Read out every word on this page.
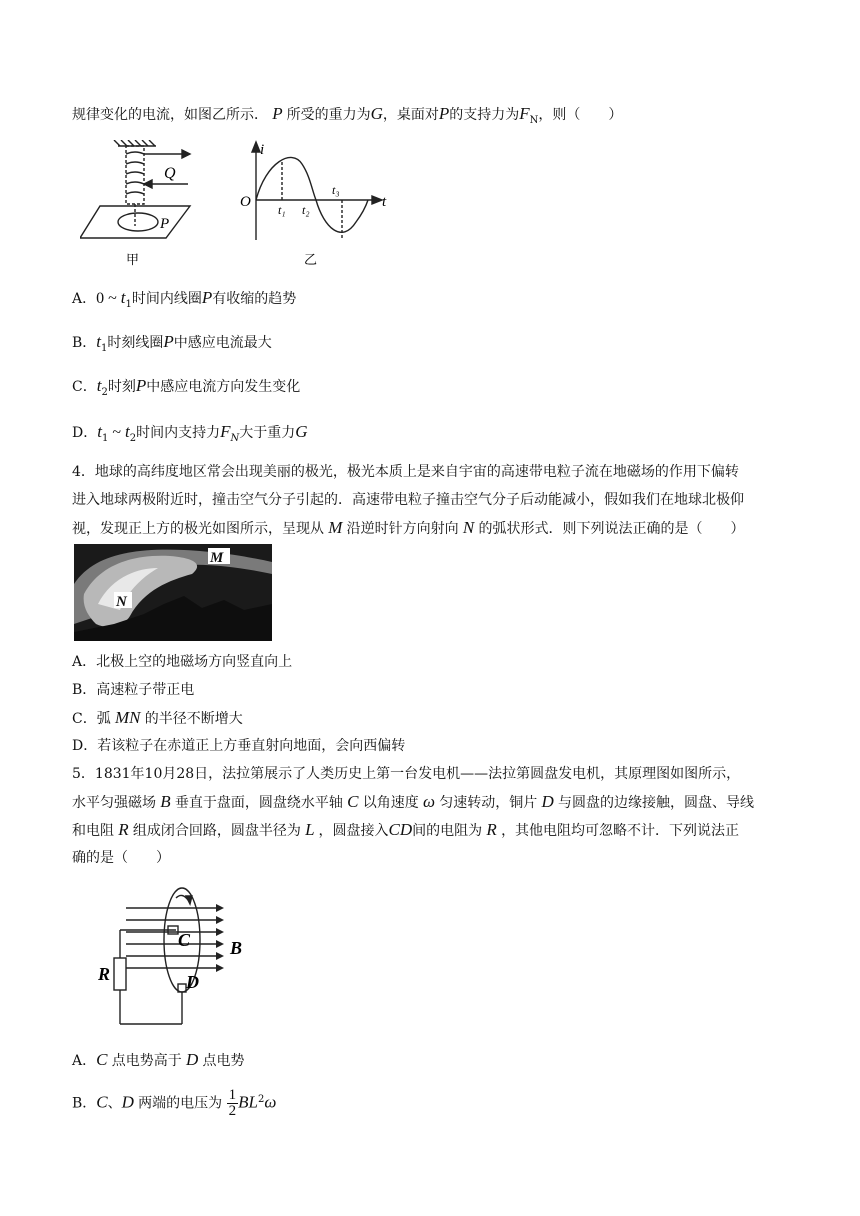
规律变化的电流，如图乙所示． P 所受的重力为G，桌面对P的支持力为$F_N$，则（　　）
Q
P
甲
i
t
O t₁ t₂
t₃
乙
A．0 ~ $t_1$时间内线圈P有收缩的趋势
B．$t_1$时刻线圈P中感应电流最大
C．$t_2$时刻P中感应电流方向发生变化
D．$t_1$ ~ $t_2$时间内支持力$F_N$大于重力G
4．地球的高纬度地区常会出现美丽的极光，极光本质上是来自宇宙的高速带电粒子流在地磁场的作用下偏转
进入地球两极附近时，撞击空气分子引起的．高速带电粒子撞击空气分子后动能减小，假如我们在地球北极仰
视，发现正上方的极光如图所示，呈现从 M 沿逆时针方向射向 N 的弧状形式．则下列说法正确的是（　　）
M
N
A．北极上空的地磁场方向竖直向上
B．高速粒子带正电
C．弧 MN 的半径不断增大
D．若该粒子在赤道正上方垂直射向地面，会向西偏转
5．1831年10月28日，法拉第展示了人类历史上第一台发电机——法拉第圆盘发电机，其原理图如图所示，
水平匀强磁场 B 垂直于盘面，圆盘绕水平轴 C 以角速度 ω 匀速转动，铜片 D 与圆盘的边缘接触，圆盘、导线
和电阻 R 组成闭合回路，圆盘半径为 L ，圆盘接入CD间的电阻为 R ，其他电阻均可忽略不计．下列说法正
确的是（　　）
C B
R	D
A．C 点电势高于 D 点电势
B．C、D 两端的电压为 $\frac{1}{2} BL^2\omega$
